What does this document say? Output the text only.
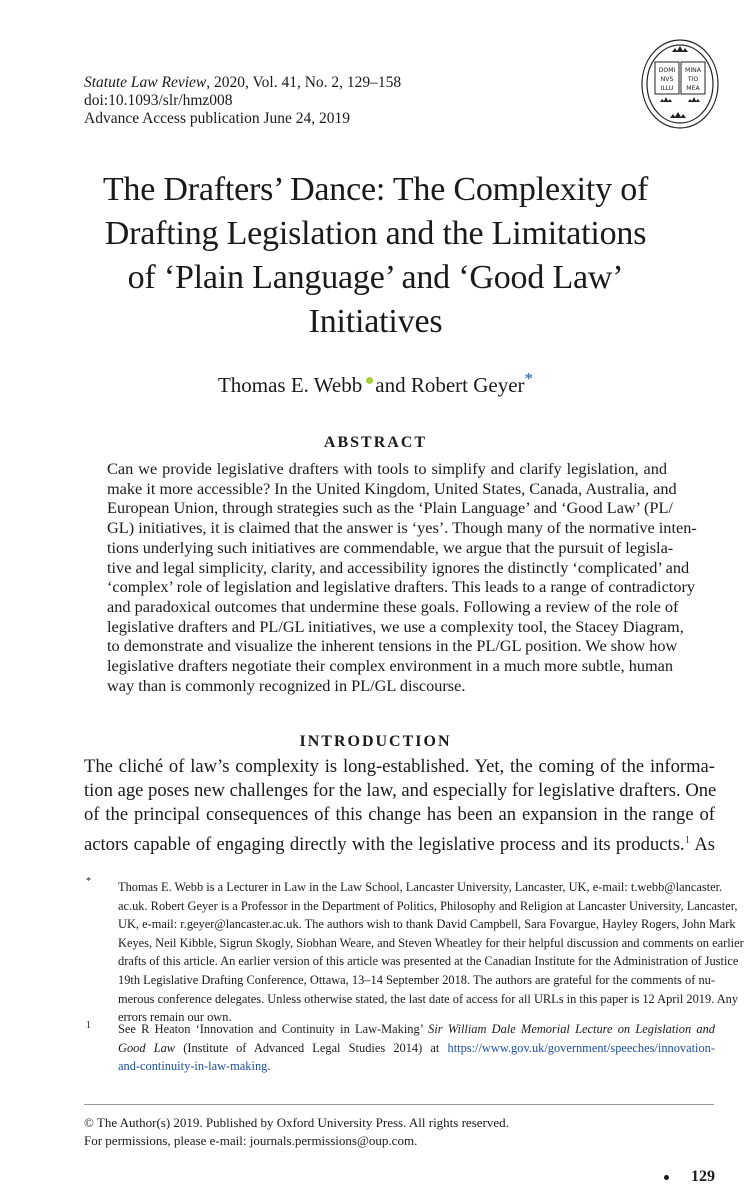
Statute Law Review, 2020, Vol. 41, No. 2, 129–158
doi:10.1093/slr/hmz008
Advance Access publication June 24, 2019
DOMI
NVS
ILLU
MINA
TIO
MEA
The Drafters’ Dance: The Complexity of
Drafting Legislation and the Limitations
of ‘Plain Language’ and ‘Good Law’
Initiatives
Thomas E. Webb and Robert Geyer*
ABSTRACT
Can we provide legislative drafters with tools to simplify and clarify legislation, and
make it more accessible? In the United Kingdom, United States, Canada, Australia, and
European Union, through strategies such as the ‘Plain Language’ and ‘Good Law’ (PL/
GL) initiatives, it is claimed that the answer is ‘yes’. Though many of the normative inten-
tions underlying such initiatives are commendable, we argue that the pursuit of legisla-
tive and legal simplicity, clarity, and accessibility ignores the distinctly ‘complicated’ and
‘complex’ role of legislation and legislative drafters. This leads to a range of contradictory
and paradoxical outcomes that undermine these goals. Following a review of the role of
legislative drafters and PL/GL initiatives, we use a complexity tool, the Stacey Diagram,
to demonstrate and visualize the inherent tensions in the PL/GL position. We show how
legislative drafters negotiate their complex environment in a much more subtle, human
way than is commonly recognized in PL/GL discourse.
INTRODUCTION
The cliché of law’s complexity is long-established. Yet, the coming of the informa-
tion age poses new challenges for the law, and especially for legislative drafters. One
of the principal consequences of this change has been an expansion in the range of
actors capable of engaging directly with the legislative process and its products.$^1$ As
* Thomas E. Webb is a Lecturer in Law in the Law School, Lancaster University, Lancaster, UK, e-mail: t.webb@lancaster.
ac.uk. Robert Geyer is a Professor in the Department of Politics, Philosophy and Religion at Lancaster University, Lancaster,
UK, e-mail: r.geyer@lancaster.ac.uk. The authors wish to thank David Campbell, Sara Fovargue, Hayley Rogers, John Mark
Keyes, Neil Kibble, Sigrun Skogly, Siobhan Weare, and Steven Wheatley for their helpful discussion and comments on earlier
drafts of this article. An earlier version of this article was presented at the Canadian Institute for the Administration of Justice
19th Legislative Drafting Conference, Ottawa, 13–14 September 2018. The authors are grateful for the comments of nu-
merous conference delegates. Unless otherwise stated, the last date of access for all URLs in this paper is 12 April 2019. Any
errors remain our own.
1 See R Heaton ‘Innovation and Continuity in Law-Making’ Sir William Dale Memorial Lecture on Legislation and
Good Law (Institute of Advanced Legal Studies 2014) at https://www.gov.uk/government/speeches/innovation-
and-continuity-in-law-making.
© The Author(s) 2019. Published by Oxford University Press. All rights reserved.
For permissions, please e-mail: journals.permissions@oup.com.
129
